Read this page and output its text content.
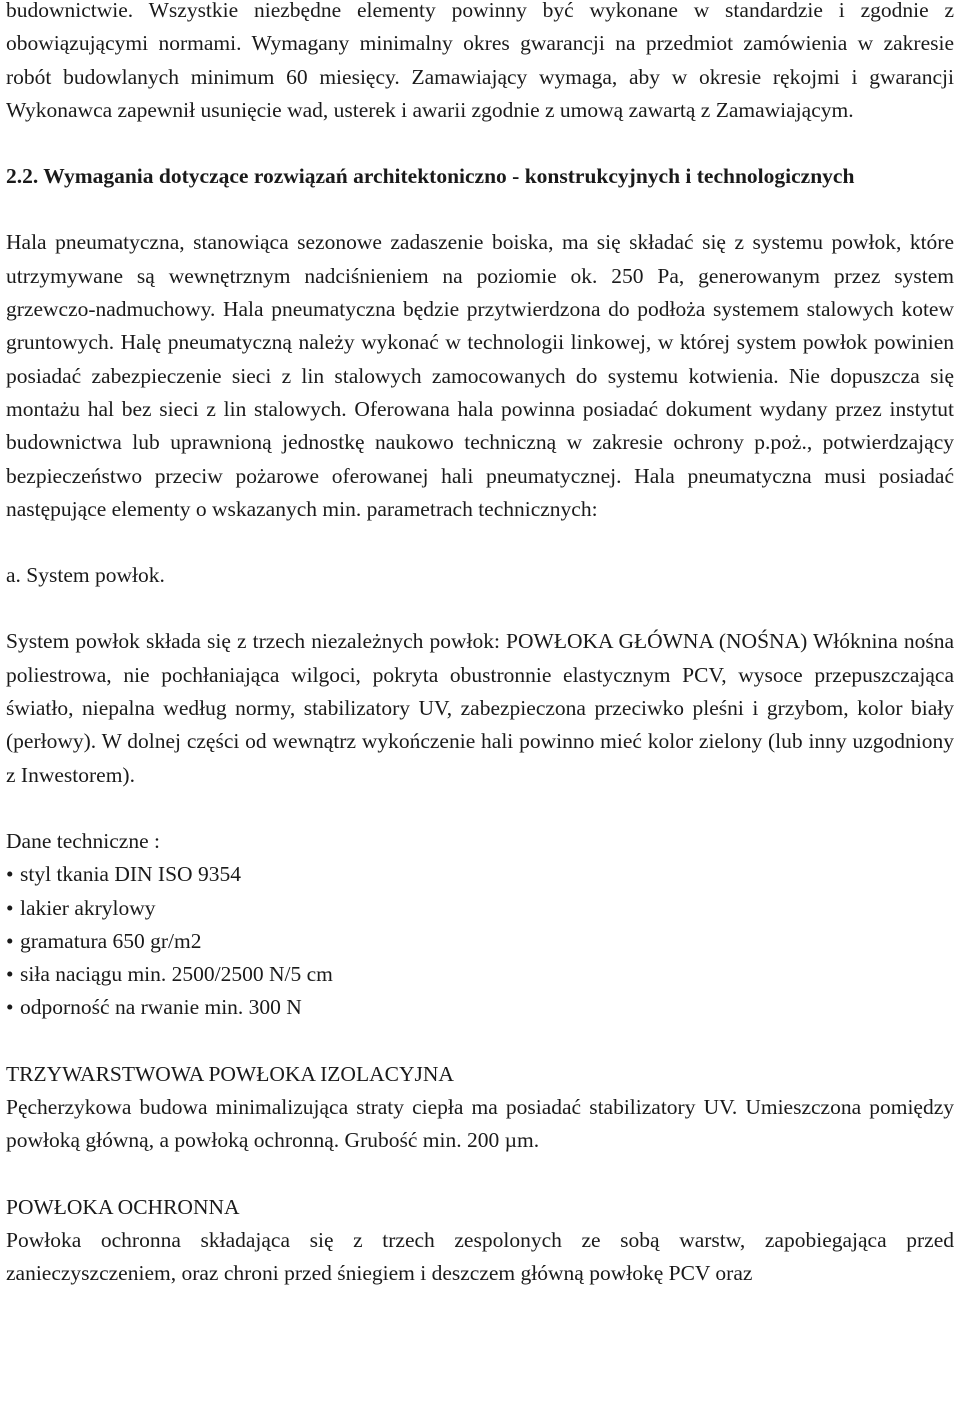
budownictwie. Wszystkie niezbędne elementy powinny być wykonane w standardzie i zgodnie z obowiązującymi normami. Wymagany minimalny okres gwarancji na przedmiot zamówienia w zakresie robót budowlanych minimum 60 miesięcy. Zamawiający wymaga, aby w okresie rękojmi i gwarancji Wykonawca zapewnił usunięcie wad, usterek i awarii zgodnie z umową zawartą z Zamawiającym.

2.2. Wymagania dotyczące rozwiązań architektoniczno - konstrukcyjnych i technologicznych

Hala pneumatyczna, stanowiąca sezonowe zadaszenie boiska, ma się składać się z systemu powłok, które utrzymywane są wewnętrznym nadciśnieniem na poziomie ok. 250 Pa, generowanym przez system grzewczo-nadmuchowy. Hala pneumatyczna będzie przytwierdzona do podłoża systemem stalowych kotew gruntowych. Halę pneumatyczną należy wykonać w technologii linkowej, w której system powłok powinien posiadać zabezpieczenie sieci z lin stalowych zamocowanych do systemu kotwienia. Nie dopuszcza się montażu hal bez sieci z lin stalowych. Oferowana hala powinna posiadać dokument wydany przez instytut budownictwa lub uprawnioną jednostkę naukowo techniczną w zakresie ochrony p.poż., potwierdzający bezpieczeństwo przeciw pożarowe oferowanej hali pneumatycznej. Hala pneumatyczna musi posiadać następujące elementy o wskazanych min. parametrach technicznych:

a. System powłok.

System powłok składa się z trzech niezależnych powłok: POWŁOKA GŁÓWNA (NOŚNA) Włóknina nośna poliestrowa, nie pochłaniająca wilgoci, pokryta obustronnie elastycznym PCV, wysoce przepuszczająca światło, niepalna według normy, stabilizatory UV, zabezpieczona przeciwko pleśni i grzybom, kolor biały (perłowy). W dolnej części od wewnątrz wykończenie hali powinno mieć kolor zielony (lub inny uzgodniony z Inwestorem).

Dane techniczne :

• styl tkania DIN ISO 9354
• lakier akrylowy
• gramatura 650 gr/m2
• siła naciągu min. 2500/2500 N/5 cm
• odporność na rwanie min. 300 N

TRZYWARSTWOWA POWŁOKA IZOLACYJNA

Pęcherzykowa budowa minimalizująca straty ciepła ma posiadać stabilizatory UV. Umieszczona pomiędzy powłoką główną, a powłoką ochronną. Grubość min. 200 µm.

POWŁOKA OCHRONNA

Powłoka ochronna składająca się z trzech zespolonych ze sobą warstw, zapobiegająca przed zanieczyszczeniem, oraz chroni przed śniegiem i deszczem główną powłokę PCV oraz
